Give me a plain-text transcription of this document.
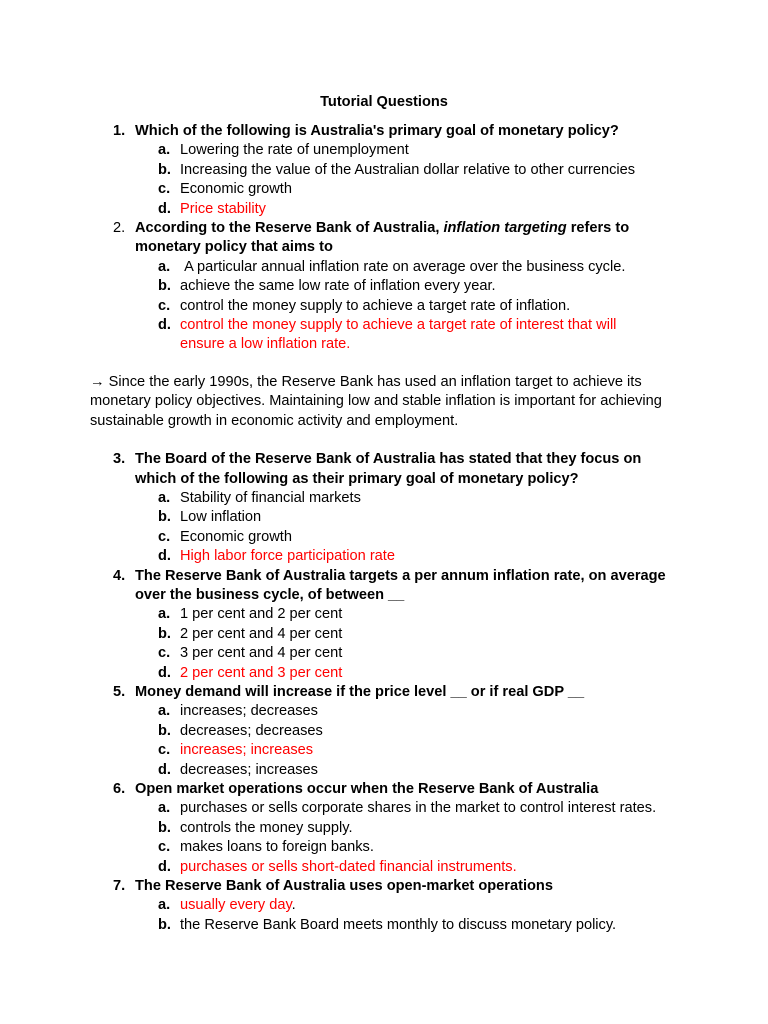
Tutorial Questions
1. Which of the following is Australia's primary goal of monetary policy?
a. Lowering the rate of unemployment
b. Increasing the value of the Australian dollar relative to other currencies
c. Economic growth
d. Price stability
2. According to the Reserve Bank of Australia, inflation targeting refers to monetary policy that aims to
a. A particular annual inflation rate on average over the business cycle.
b. achieve the same low rate of inflation every year.
c. control the money supply to achieve a target rate of inflation.
d. control the money supply to achieve a target rate of interest that will ensure a low inflation rate.
→ Since the early 1990s, the Reserve Bank has used an inflation target to achieve its monetary policy objectives. Maintaining low and stable inflation is important for achieving sustainable growth in economic activity and employment.
3. The Board of the Reserve Bank of Australia has stated that they focus on which of the following as their primary goal of monetary policy?
a. Stability of financial markets
b. Low inflation
c. Economic growth
d. High labor force participation rate
4. The Reserve Bank of Australia targets a per annum inflation rate, on average over the business cycle, of between __
a. 1 per cent and 2 per cent
b. 2 per cent and 4 per cent
c. 3 per cent and 4 per cent
d. 2 per cent and 3 per cent
5. Money demand will increase if the price level __ or if real GDP __
a. increases; decreases
b. decreases; decreases
c. increases; increases
d. decreases; increases
6. Open market operations occur when the Reserve Bank of Australia
a. purchases or sells corporate shares in the market to control interest rates.
b. controls the money supply.
c. makes loans to foreign banks.
d. purchases or sells short-dated financial instruments.
7. The Reserve Bank of Australia uses open-market operations
a. usually every day.
b. the Reserve Bank Board meets monthly to discuss monetary policy.
